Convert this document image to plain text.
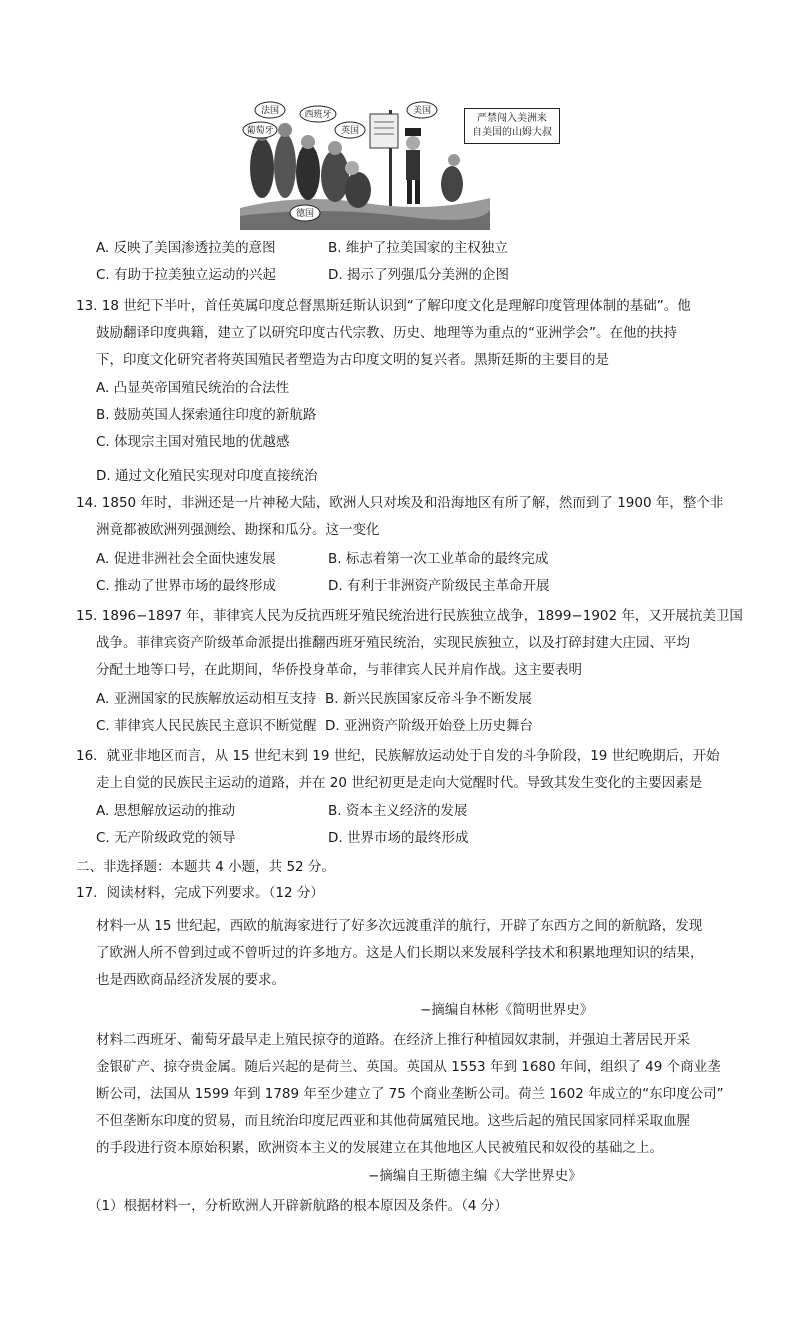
法国	西班牙
葡萄牙	英国
美国
德国
严禁闯入美洲来
自美国的山姆大叔
A. 反映了美国渗透拉美的意图	B. 维护了拉美国家的主权独立
C. 有助于拉美独立运动的兴起	D. 揭示了列强瓜分美洲的企图
13. 18 世纪下半叶，首任英属印度总督黑斯廷斯认识到“了解印度文化是理解印度管理体制的基础”。他
鼓励翻译印度典籍，建立了以研究印度古代宗教、历史、地理等为重点的“亚洲学会”。在他的扶持
下，印度文化研究者将英国殖民者塑造为古印度文明的复兴者。黑斯廷斯的主要目的是
A. 凸显英帝国殖民统治的合法性
B. 鼓励英国人探索通往印度的新航路
C. 体现宗主国对殖民地的优越感
D. 通过文化殖民实现对印度直接统治
14. 1850 年时，非洲还是一片神秘大陆，欧洲人只对埃及和沿海地区有所了解，然而到了 1900 年，整个非
洲竟都被欧洲列强测绘、勘探和瓜分。这一变化
A. 促进非洲社会全面快速发展	B. 标志着第一次工业革命的最终完成
C. 推动了世界市场的最终形成	D. 有利于非洲资产阶级民主革命开展
15. 1896−1897 年，菲律宾人民为反抗西班牙殖民统治进行民族独立战争，1899−1902 年，又开展抗美卫国
战争。菲律宾资产阶级革命派提出推翻西班牙殖民统治，实现民族独立，以及打碎封建大庄园、平均
分配土地等口号，在此期间，华侨投身革命，与菲律宾人民并肩作战。这主要表明
A. 亚洲国家的民族解放运动相互支持 B. 新兴民族国家反帝斗争不断发展
C. 菲律宾人民民族民主意识不断觉醒 D. 亚洲资产阶级开始登上历史舞台
16．就亚非地区而言，从 15 世纪末到 19 世纪，民族解放运动处于自发的斗争阶段，19 世纪晚期后，开始
走上自觉的民族民主运动的道路，并在 20 世纪初更是走向大觉醒时代。导致其发生变化的主要因素是
A. 思想解放运动的推动	B. 资本主义经济的发展
C. 无产阶级政党的领导	D. 世界市场的最终形成
二、非选择题：本题共 4 小题，共 52 分。
17．阅读材料，完成下列要求。（12 分）
材料一从 15 世纪起，西欧的航海家进行了好多次远渡重洋的航行，开辟了东西方之间的新航路，发现
了欧洲人所不曾到过或不曾听过的许多地方。这是人们长期以来发展科学技术和积累地理知识的结果，
也是西欧商品经济发展的要求。
−摘编自林彬《简明世界史》
材料二西班牙、葡萄牙最早走上殖民掠夺的道路。在经济上推行种植园奴隶制，并强迫土著居民开采
金银矿产、掠夺贵金属。随后兴起的是荷兰、英国。英国从 1553 年到 1680 年间，组织了 49 个商业垄
断公司，法国从 1599 年到 1789 年至少建立了 75 个商业垄断公司。荷兰 1602 年成立的“东印度公司”
不但垄断东印度的贸易，而且统治印度尼西亚和其他荷属殖民地。这些后起的殖民国家同样采取血腥
的手段进行资本原始积累，欧洲资本主义的发展建立在其他地区人民被殖民和奴役的基础之上。
−摘编自王斯德主编《大学世界史》
（1）根据材料一，分析欧洲人开辟新航路的根本原因及条件。（4 分）
